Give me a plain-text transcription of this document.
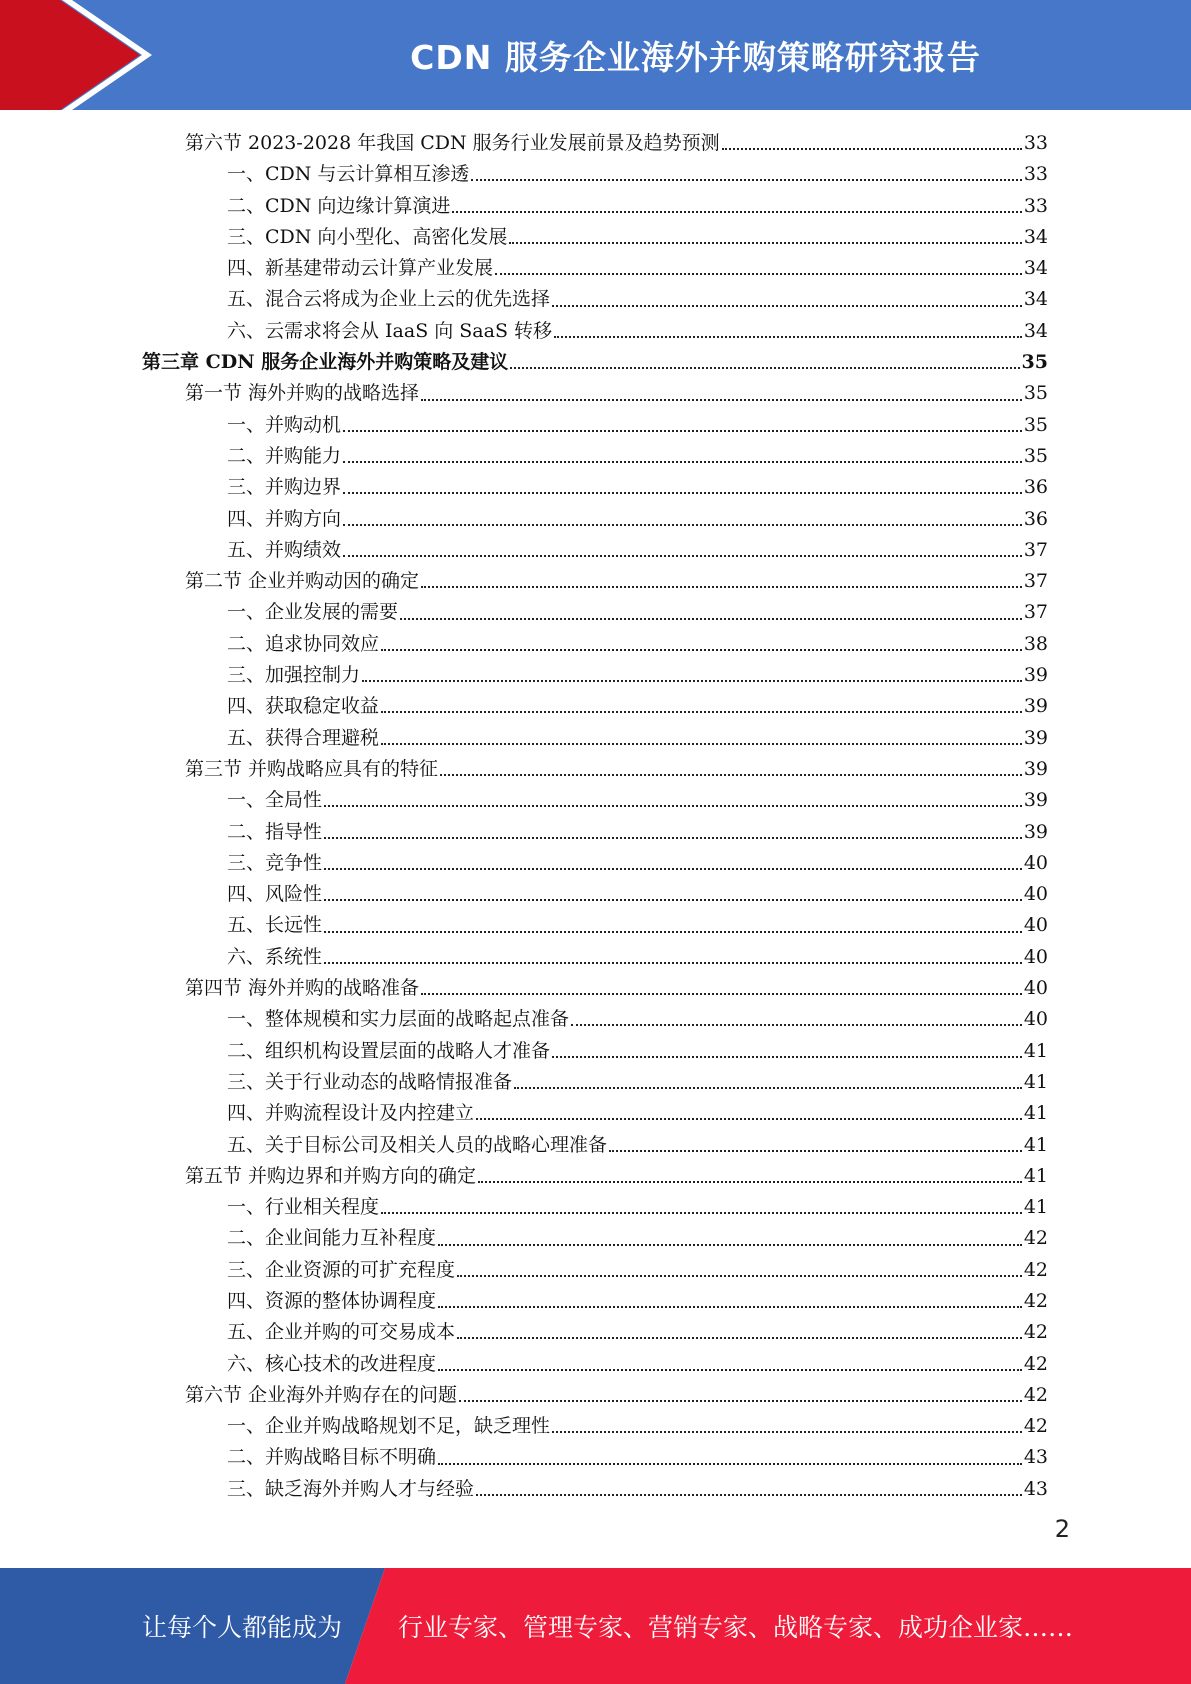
CDN 服务企业海外并购策略研究报告
第六节 2023-2028 年我国 CDN 服务行业发展前景及趋势预测	33
一、CDN 与云计算相互渗透	33
二、CDN 向边缘计算演进	33
三、CDN 向小型化、高密化发展	34
四、新基建带动云计算产业发展	34
五、混合云将成为企业上云的优先选择	34
六、云需求将会从 IaaS 向 SaaS 转移	34
第三章 CDN 服务企业海外并购策略及建议	35
第一节 海外并购的战略选择	35
一、并购动机	35
二、并购能力	35
三、并购边界	36
四、并购方向	36
五、并购绩效	37
第二节 企业并购动因的确定	37
一、企业发展的需要	37
二、追求协同效应	38
三、加强控制力	39
四、获取稳定收益	39
五、获得合理避税	39
第三节 并购战略应具有的特征	39
一、全局性	39
二、指导性	39
三、竞争性	40
四、风险性	40
五、长远性	40
六、系统性	40
第四节 海外并购的战略准备	40
一、整体规模和实力层面的战略起点准备	40
二、组织机构设置层面的战略人才准备	41
三、关于行业动态的战略情报准备	41
四、并购流程设计及内控建立	41
五、关于目标公司及相关人员的战略心理准备	41
第五节 并购边界和并购方向的确定	41
一、行业相关程度	41
二、企业间能力互补程度	42
三、企业资源的可扩充程度	42
四、资源的整体协调程度	42
五、企业并购的可交易成本	42
六、核心技术的改进程度	42
第六节 企业海外并购存在的问题	42
一、企业并购战略规划不足，缺乏理性	42
二、并购战略目标不明确	43
三、缺乏海外并购人才与经验	43
2
让每个人都能成为 行业专家、管理专家、营销专家、战略专家、成功企业家……
